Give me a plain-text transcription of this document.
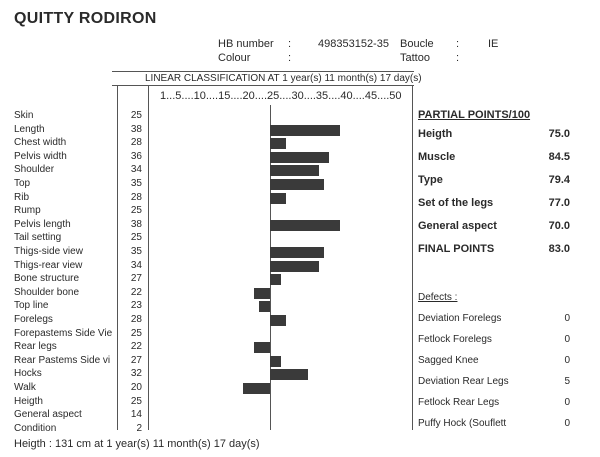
QUITTY RODIRON
HB number : 498353152-35 Boucle :	IE
Colour	:	Tattoo :
LINEAR CLASSIFICATION AT 1 year(s) 11 month(s) 17 day(s)
1...5....10....15....20....25....30....35....40....45....50
Skin	25
Length	38
Chest width	28
Pelvis width	36
Shoulder	34
Top	35
Rib	28
Rump	25
Pelvis length	38
Tail setting	25
Thigs-side view	35
Thigs-rear view	34
Bone structure	27
Shoulder bone	22
Top line	23
Forelegs	28
Forepastems Side Vie	25
Rear legs	22
Rear Pastems Side vi	27
Hocks	32
Walk	20
Heigth	25
General aspect	14
Condition	2
PARTIAL POINTS/100
Heigth	75.0
Muscle	84.5
Type	79.4
Set of the legs	77.0
General aspect	70.0
FINAL POINTS	83.0
Defects :
Deviation Forelegs	0
Fetlock Forelegs	0
Sagged Knee	0
Deviation Rear Legs	5
Fetlock Rear Legs	0
Puffy Hock (Souflett	0
Heigth : 131 cm at 1 year(s) 11 month(s) 17 day(s)
